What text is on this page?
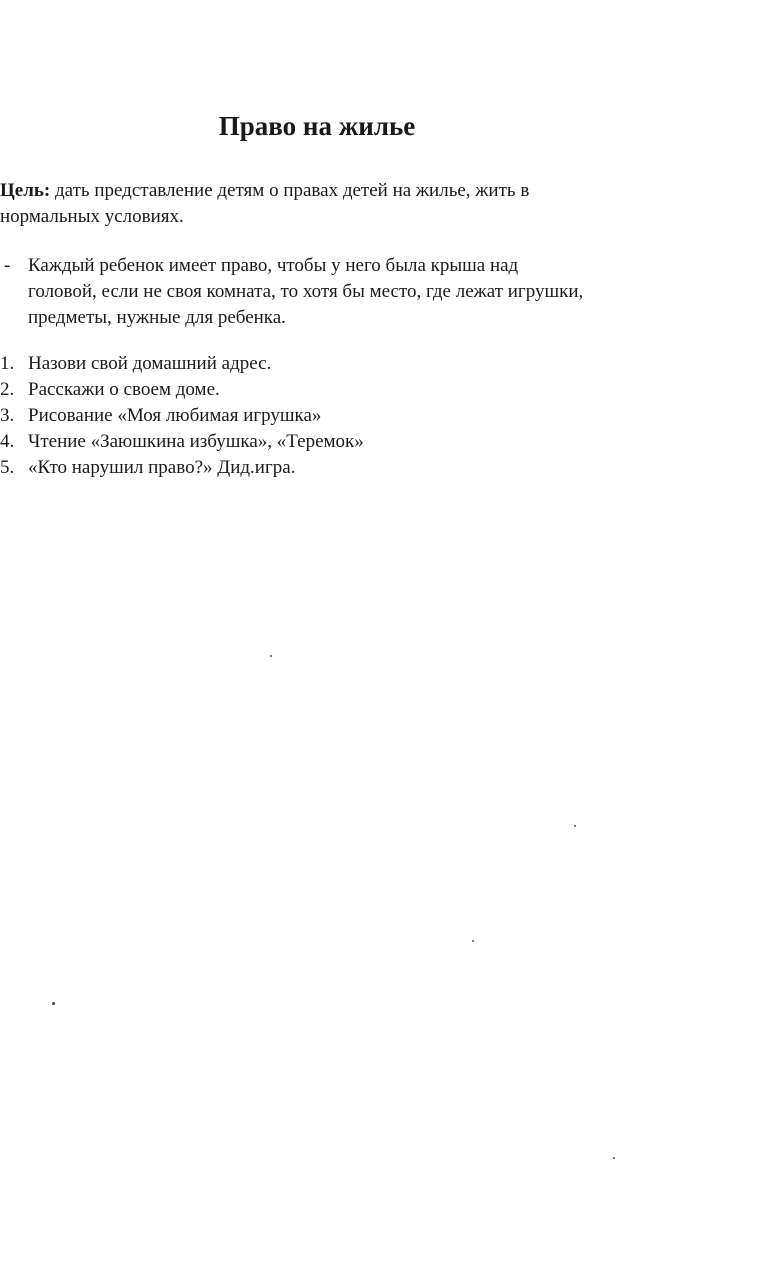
Право на жилье

Цель: дать представление детям о правах детей на жилье, жить в нормальных условиях.

- Каждый ребенок имеет право, чтобы у него была крыша над головой, если не своя комната, то хотя бы место, где лежат игрушки, предметы, нужные для ребенка.
1. Назови свой домашний адрес.
2. Расскажи о своем доме.
3. Рисование «Моя любимая игрушка»
4. Чтение «Заюшкина избушка», «Теремок»
5. «Кто нарушил право?» Дид.игра.
